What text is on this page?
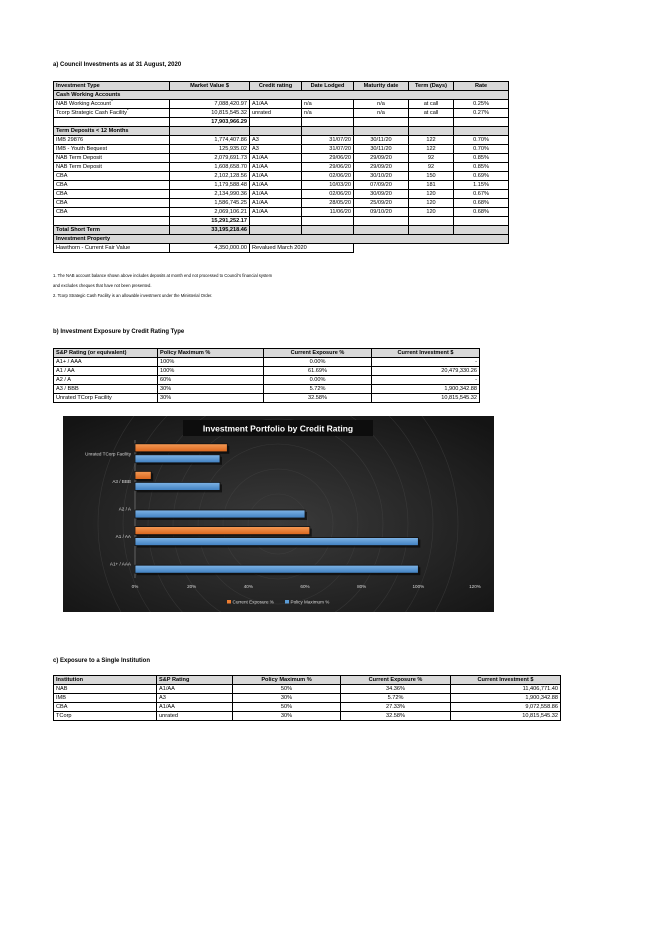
a) Council Investments as at 31 August, 2020
Investment Type	Market Value $	Credit rating	Date Lodged	Maturity date	Term (Days)	Rate
Cash Working Accounts						
NAB Working Account$^1$	7,088,420.97	A1/AA	n/a	n/a	at call	0.25%
Tcorp Strategic Cash Facility$^2$	10,815,545.32	unrated	n/a	n/a	at call	0.27%
	17,903,966.29					
Term Deposits < 12 Months						
IMB 29876	1,774,407.86	A3	31/07/20	30/11/20	122	0.70%
IMB - Youth Bequest	125,935.02	A3	31/07/20	30/11/20	122	0.70%
NAB Term Deposit	2,079,691.73	A1/AA	29/06/20	29/09/20	92	0.85%
NAB Term Deposit	1,608,658.70	A1/AA	29/06/20	29/09/20	92	0.85%
CBA	2,102,128.56	A1/AA	02/06/20	30/10/20	150	0.69%
CBA	1,179,588.48	A1/AA	10/03/20	07/09/20	181	1.15%
CBA	2,134,990.36	A1/AA	02/06/20	30/09/20	120	0.67%
CBA	1,586,745.25	A1/AA	28/05/20	25/09/20	120	0.68%
CBA	2,069,106.21	A1/AA	11/06/20	09/10/20	120	0.68%
	15,291,252.17					
Total Short Term	33,195,218.46					
Investment Property						
Hawthorn - Current Fair Value	4,350,000.00	Revalued March 2020				
1. The NAB account balance shown above includes deposits at month end not processed to Council's financial system
and excludes cheques that have not been presented.
2. Tcorp Strategic Cash Facility is an allowable investment under the Ministerial Order.
b) Investment Exposure by Credit Rating Type
S&P Rating (or equivalent)	Policy Maximum %	Current Exposure %	Current Investment $
A1+ / AAA	100%	0.00%	-
A1 / AA	100%	61.69%	20,479,330.26
A2 / A	60%	0.00%	-
A3 / BBB	30%	5.72%	1,900,342.88
Unrated TCorp Facility	30%	32.58%	10,815,545.32
Investment Portfolio by Credit Rating
Unrated TCorp Facility
A3 / BBB
A2 / A
A1 / AA
A1+ / AAA
0%	20%	40%	60%	80%	100%	120%
Current Exposure %	Policy Maximum %
c) Exposure to a Single Institution
Institution	S&P Rating	Policy Maximum %	Current Exposure %	Current Investment $
NAB	A1/AA	50%	34.36%	11,406,771.40
IMB	A3	30%	5.72%	1,900,342.88
CBA	A1/AA	50%	27.33%	9,072,558.86
TCorp	unrated	30%	32.58%	10,815,545.32
